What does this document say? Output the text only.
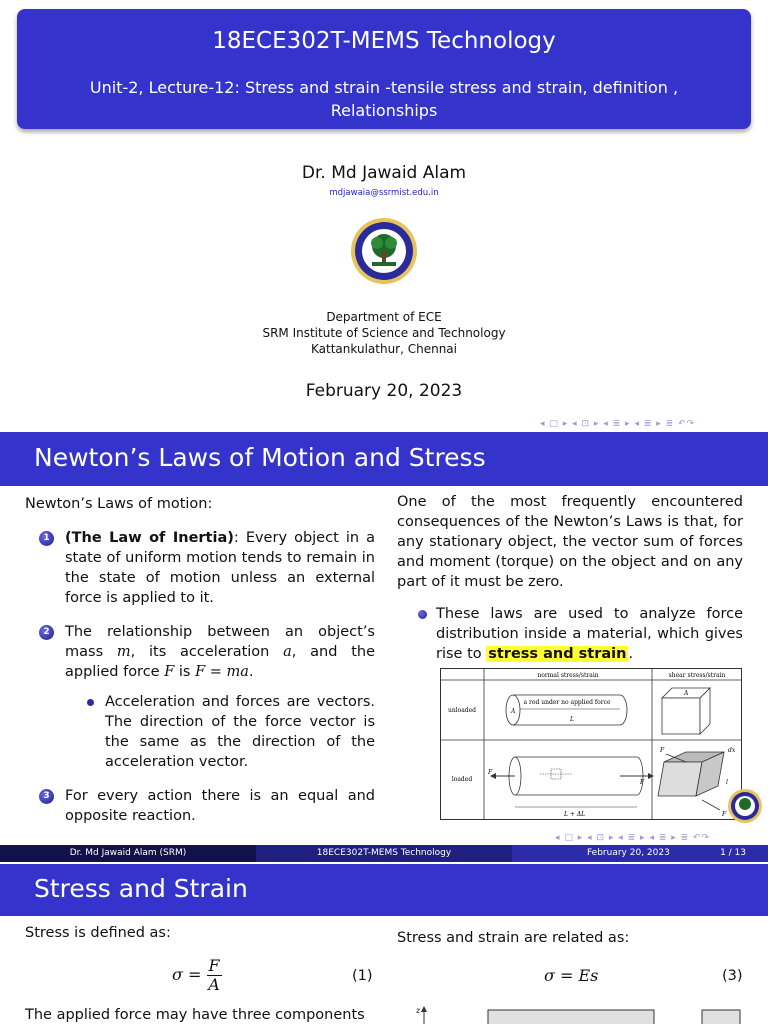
18ECE302T-MEMS Technology
Unit-2, Lecture-12: Stress and strain -tensile stress and strain, definition , Relationships
Dr. Md Jawaid Alam
mdjawaia@ssrmist.edu.in
Department of ECE
SRM Institute of Science and Technology
Kattankulathur, Chennai
February 20, 2023
◂ □ ▸ ◂ ⊡ ▸ ◂ ≣ ▸ ◂ ≣ ▸ ≣ ↶↷
Newton’s Laws of Motion and Stress
Newton’s Laws of motion:
1	(The Law of Inertia): Every object in a state of uniform motion tends to remain in the state of motion unless an external force is applied to it.
2	The relationship between an object’s mass m, its acceleration a, and the applied force F is F = ma.
Acceleration and forces are vectors. The direction of the force vector is the same as the direction of the acceleration vector.
3	For every action there is an equal and opposite reaction.
One of the most frequently encountered consequences of the Newton’s Laws is that, for any stationary object, the vector sum of forces and moment (torque) on the object and on any part of it must be zero.
These laws are used to analyze force distribution inside a material, which gives rise to stress and strain .
normal stress/strain	shear stress/strain
unloaded
loaded
A
a rod under no applied force
L
F
F
L + ΔL
A
F
F
dx
l
◂ □ ▸ ◂ ⊡ ▸ ◂ ≣ ▸ ◂ ≣ ▸ ≣ ↶↷
Dr. Md Jawaid Alam (SRM)	18ECE302T-MEMS Technology	February 20, 2023	1 / 13
Stress and Strain
Stress is defined as:
$\sigma = \frac{F}{A}$	(1)
The applied force may have three components
Stress and strain are related as:
σ = Es	(3)
z
